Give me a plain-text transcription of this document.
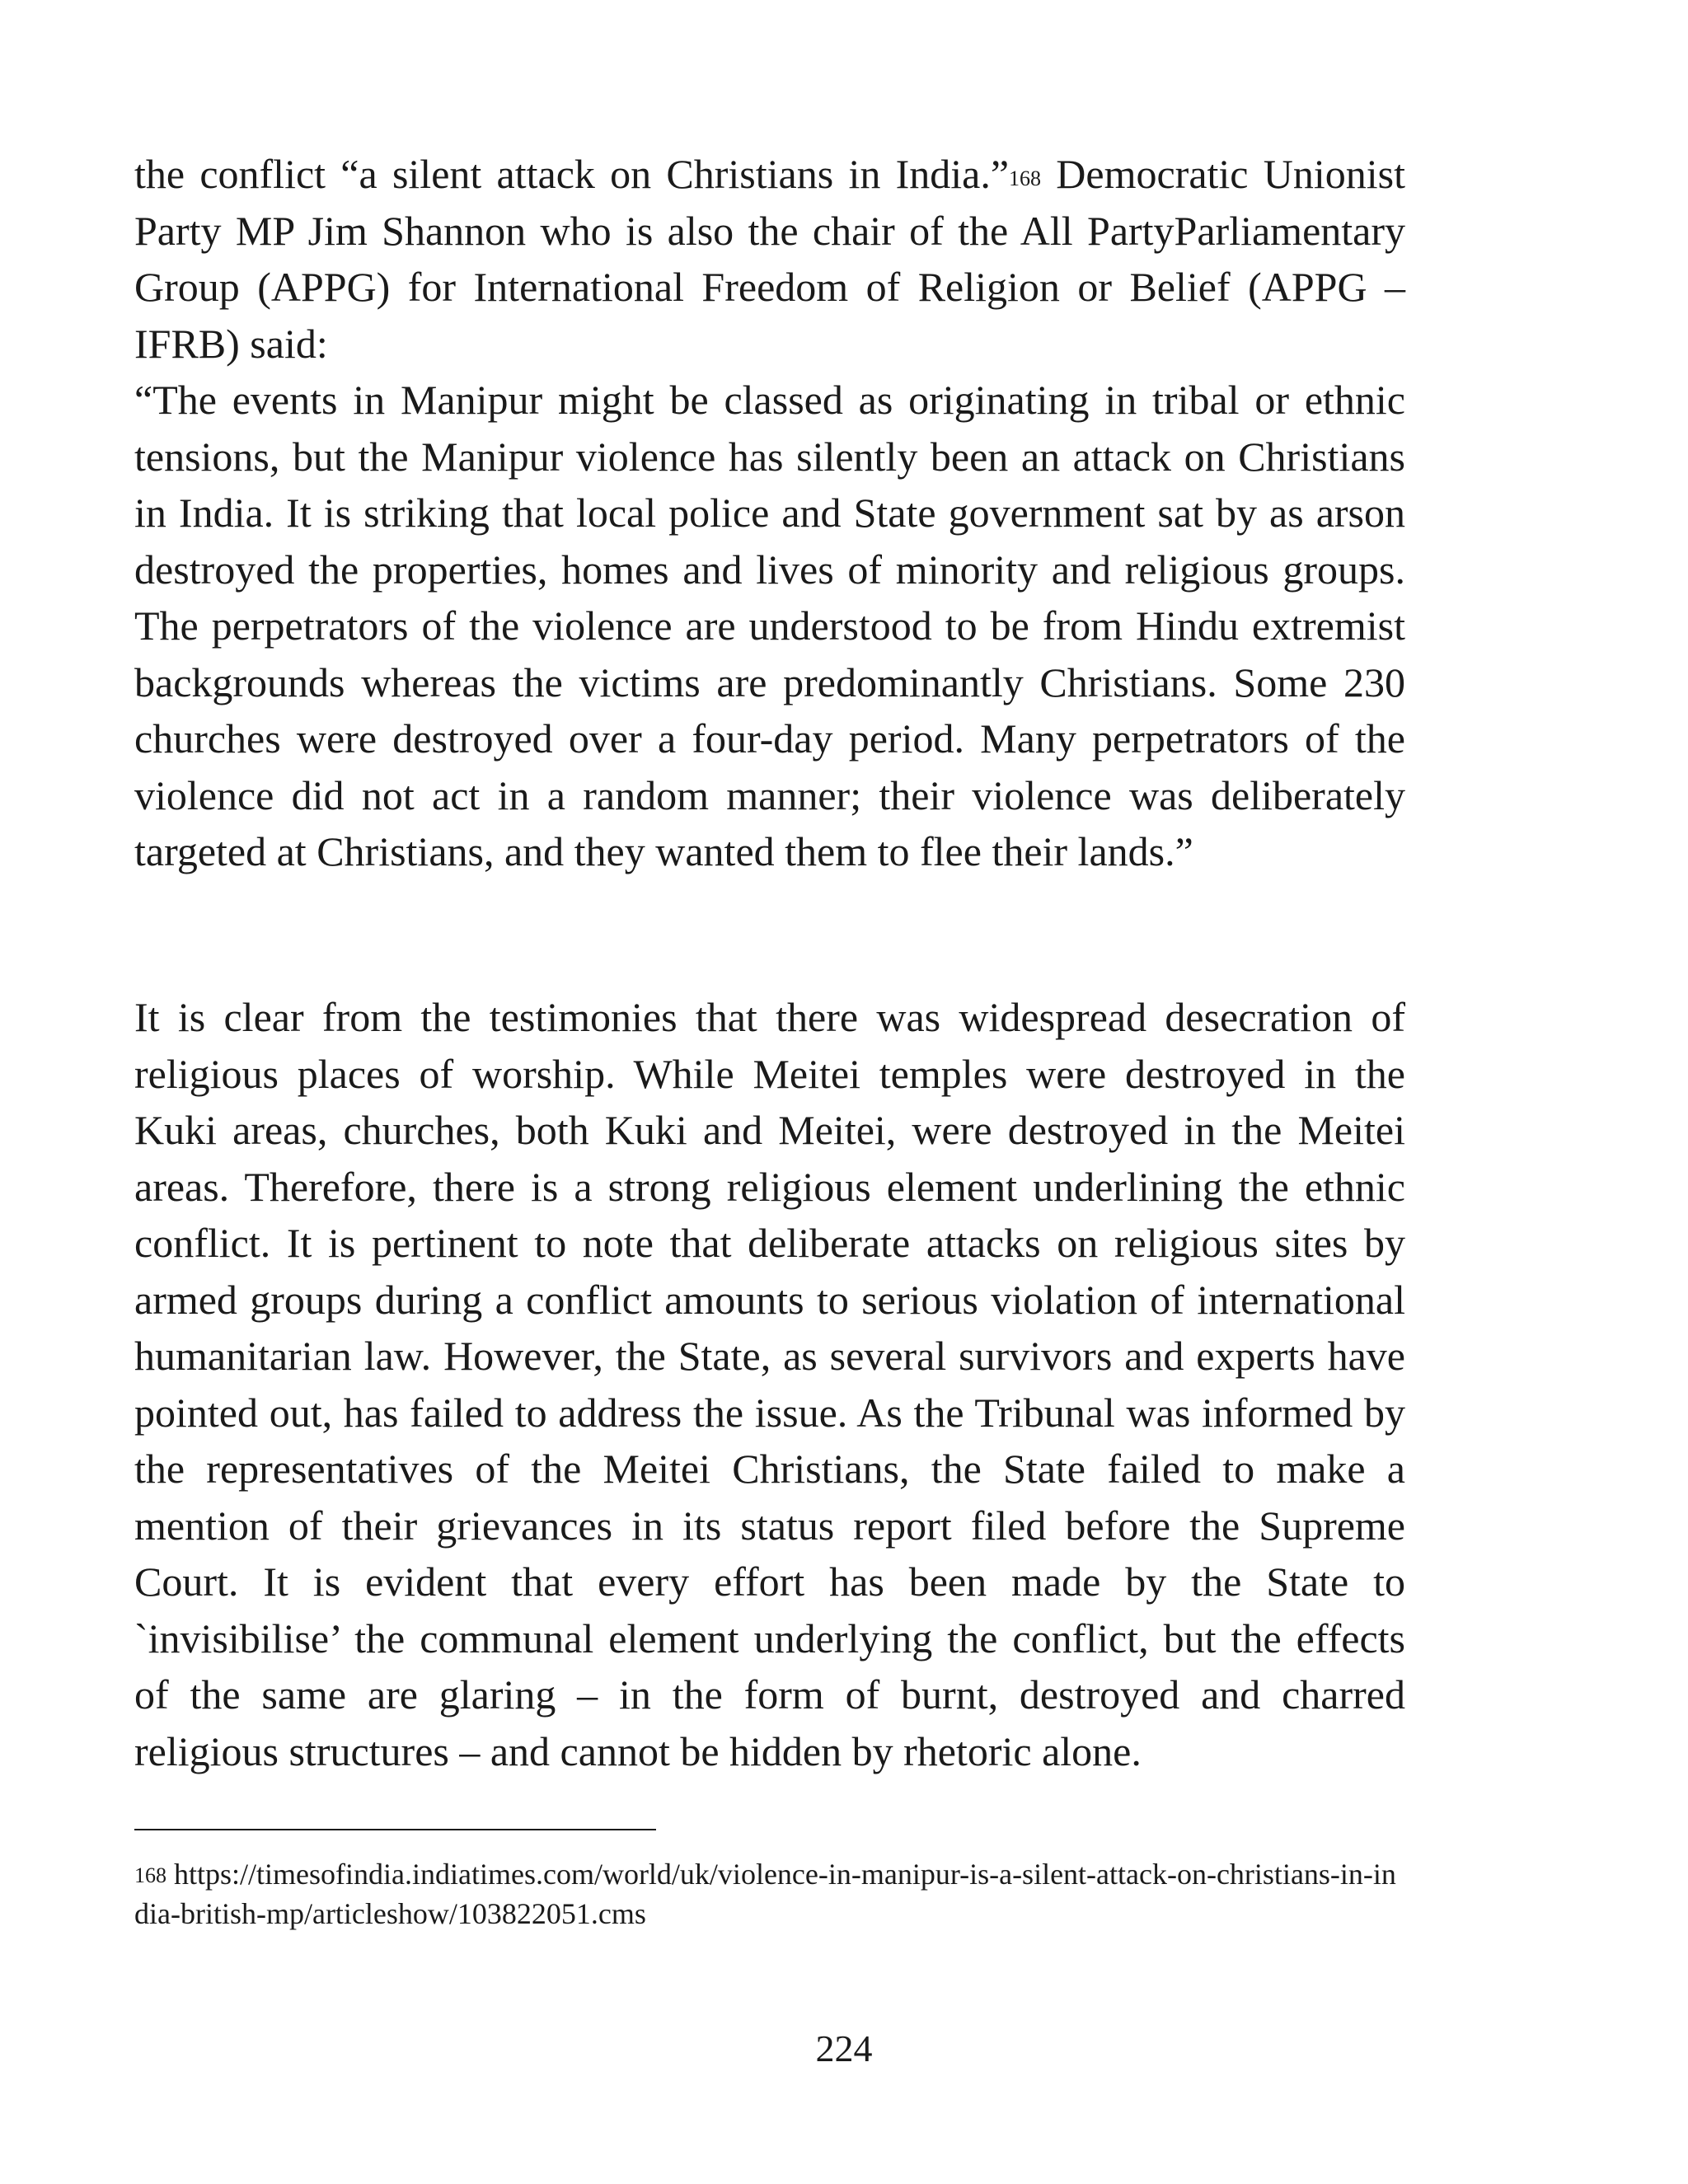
the conflict “a silent attack on Christians in India.”$^{168}$ Democratic Unionist Party MP Jim Shannon who is also the chair of the All PartyParliamentary Group (APPG) for International Freedom of Religion or Belief (APPG – IFRB) said:

“The events in Manipur might be classed as originating in tribal or ethnic tensions, but the Manipur violence has silently been an attack on Christians in India. It is striking that local police and State government sat by as arson destroyed the properties, homes and lives of minority and religious groups. The perpetrators of the violence are understood to be from Hindu extremist backgrounds whereas the victims are predominantly Christians. Some 230 churches were destroyed over a four-day period. Many perpetrators of the violence did not act in a random manner; their violence was deliberately targeted at Christians, and they wanted them to flee their lands.”

It is clear from the testimonies that there was widespread desecration of religious places of worship. While Meitei temples were destroyed in the Kuki areas, churches, both Kuki and Meitei, were destroyed in the Meitei areas. Therefore, there is a strong religious element underlining the ethnic conflict. It is pertinent to note that deliberate attacks on religious sites by armed groups during a conflict amounts to serious violation of international humanitarian law. However, the State, as several survivors and experts have pointed out, has failed to address the issue. As the Tribunal was informed by the representatives of the Meitei Christians, the State failed to make a mention of their grievances in its status report filed before the Supreme Court. It is evident that every effort has been made by the State to `invisibilise’ the communal element underlying the conflict, but the effects of the same are glaring – in the form of burnt, destroyed and charred religious structures – and cannot be hidden by rhetoric alone.

$^{168}$ https://timesofindia.indiatimes.com/world/uk/violence-in-manipur-is-a-silent-attack-on-christians-in-india-british-mp/articleshow/103822051.cms

224
